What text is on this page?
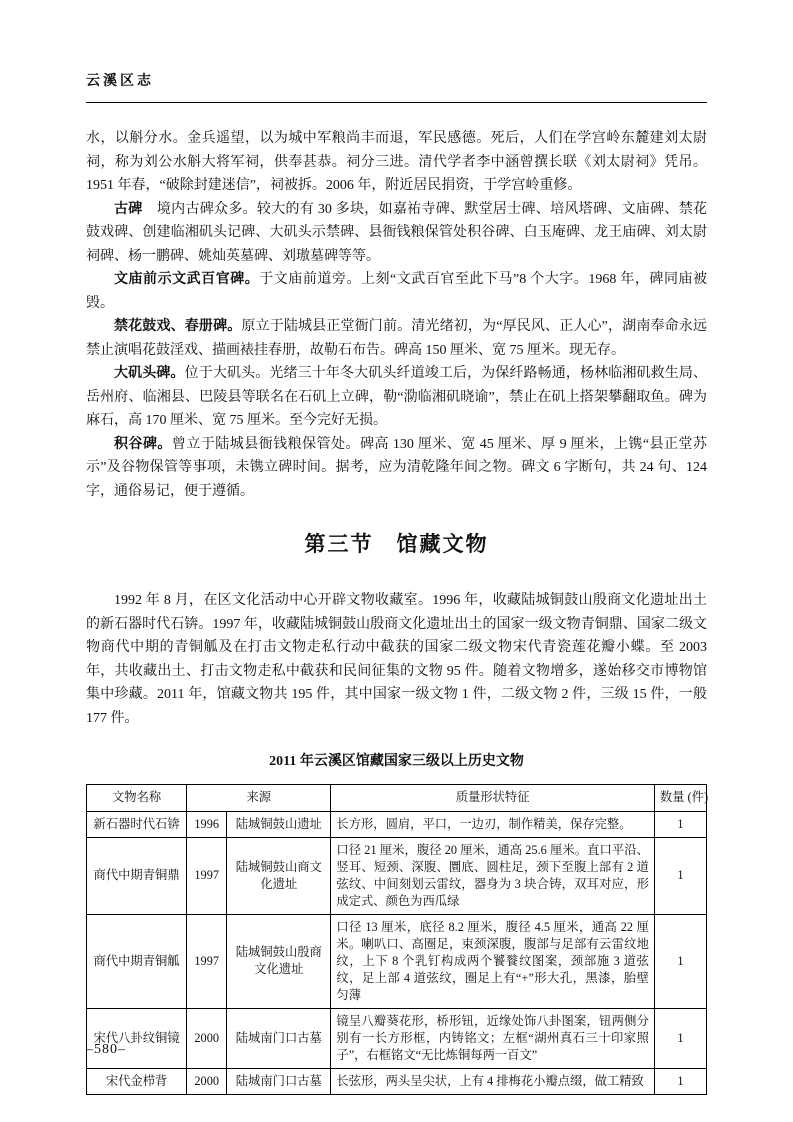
云溪区志

水，以斛分水。金兵遥望，以为城中军粮尚丰而退，军民感德。死后，人们在学宫岭东麓建刘太尉祠，称为刘公水斛大将军祠，供奉甚恭。祠分三进。清代学者李中涵曾撰长联《刘太尉祠》凭吊。1951 年春，“破除封建迷信”，祠被拆。2006 年，附近居民捐资，于学宫岭重修。

古碑　境内古碑众多。较大的有 30 多块，如嘉祐寺碑、默堂居士碑、培风塔碑、文庙碑、禁花鼓戏碑、创建临湘矶头记碑、大矶头示禁碑、县衙钱粮保管处积谷碑、白玉庵碑、龙王庙碑、刘太尉祠碑、杨一鹏碑、姚灿英墓碑、刘璈墓碑等等。

文庙前示文武百官碑。于文庙前道旁。上刻“文武百官至此下马”8 个大字。1968 年，碑同庙被毁。

禁花鼓戏、春册碑。原立于陆城县正堂衙门前。清光绪初，为“厚民风、正人心”，湖南奉命永远禁止演唱花鼓淫戏、描画裱挂春册，故勒石布告。碑高 150 厘米、宽 75 厘米。现无存。

大矶头碑。位于大矶头。光绪三十年冬大矶头纤道竣工后，为保纤路畅通，杨林临湘矶救生局、岳州府、临湘县、巴陵县等联名在石矶上立碑，勒“泐临湘矶晓谕”，禁止在矶上搭架攀翻取鱼。碑为麻石，高 170 厘米、宽 75 厘米。至今完好无损。

积谷碑。曾立于陆城县衙钱粮保管处。碑高 130 厘米、宽 45 厘米、厚 9 厘米，上镌“县正堂苏示”及谷物保管等事项，未镌立碑时间。据考，应为清乾隆年间之物。碑文 6 字断句，共 24 句、124 字，通俗易记，便于遵循。

第三节　馆藏文物

1992 年 8 月，在区文化活动中心开辟文物收藏室。1996 年，收藏陆城铜鼓山殷商文化遗址出土的新石器时代石锛。1997 年，收藏陆城铜鼓山殷商文化遗址出土的国家一级文物青铜鼎、国家二级文物商代中期的青铜觚及在打击文物走私行动中截获的国家二级文物宋代青瓷莲花瓣小蝶。至 2003 年，共收藏出土、打击文物走私中截获和民间征集的文物 95 件。随着文物增多，遂始移交市博物馆集中珍藏。2011 年，馆藏文物共 195 件，其中国家一级文物 1 件，二级文物 2 件，三级 15 件，一般 177 件。

2011 年云溪区馆藏国家三级以上历史文物
文物名称	来源		质量形状特征	数量 (件)
新石器时代石锛	1996	陆城铜鼓山遗址	长方形，圆肩，平口，一边刃，制作精美，保存完整。	1
商代中期青铜鼎	1997	陆城铜鼓山商文化遗址	口径 21 厘米，腹径 20 厘米，通高 25.6 厘米。直口平沿、竖耳、短颈、深腹、圜底、圆柱足，颈下至腹上部有 2 道弦纹、中间刻划云雷纹，器身为 3 块合铸，双耳对应，形成定式、颜色为西瓜绿	1
商代中期青铜觚	1997	陆城铜鼓山殷商文化遗址	口径 13 厘米，底径 8.2 厘米，腹径 4.5 厘米，通高 22 厘米。喇叭口、高圈足，束颈深腹，腹部与足部有云雷纹地纹，上下 8 个乳钉构成两个饕餮纹图案，颈部施 3 道弦纹，足上部 4 道弦纹，圈足上有“+”形大孔，黑漆，胎壁匀薄	1
宋代八卦纹铜镜	2000	陆城南门口古墓	镜呈八瓣葵花形，桥形钮，近缘处饰八卦图案，钮两侧分别有一长方形框，内铸铭文；左框“湖州真石三十印家照子”，右框铭文“无比炼铜每两一百文”	1
宋代金栉背	2000	陆城南门口古墓	长弦形，两头呈尖状，上有 4 排梅花小瓣点缀，做工精致	1
–580–
